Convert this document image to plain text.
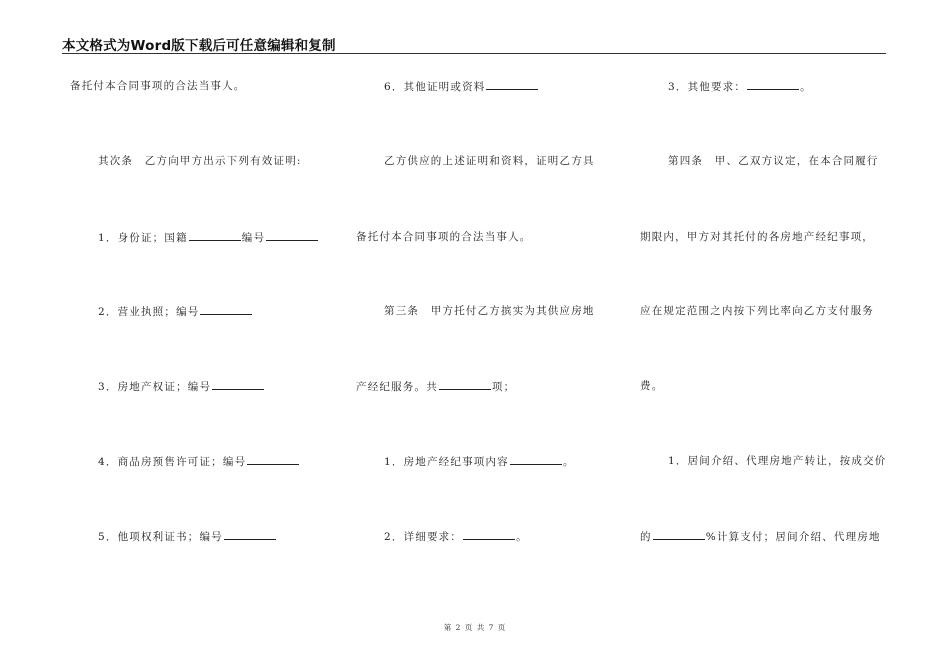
本文格式为Word版下载后可任意编辑和复制
备托付本合同事项的合法当事人。
其次条　乙方向甲方出示下列有效证明:
1．身份证；国籍	编号
2．营业执照；编号
3．房地产权证；编号
4．商品房预售许可证；编号
5．他项权利证书；编号
6．其他证明或资料
乙方供应的上述证明和资料，证明乙方具
备托付本合同事项的合法当事人。
第三条　甲方托付乙方摈实为其供应房地
产经纪服务。共	项；
1．房地产经纪事项内容	。
2．详细要求：	。
3．其他要求：	。
第四条　甲、乙双方议定，在本合同履行
期限内，甲方对其托付的各房地产经纪事项，
应在规定范围之内按下列比率向乙方支付服务
费。
1．居间介绍、代理房地产转让，按成交价
的	%计算支付；居间介绍、代理房地
第 2 页 共 7 页
